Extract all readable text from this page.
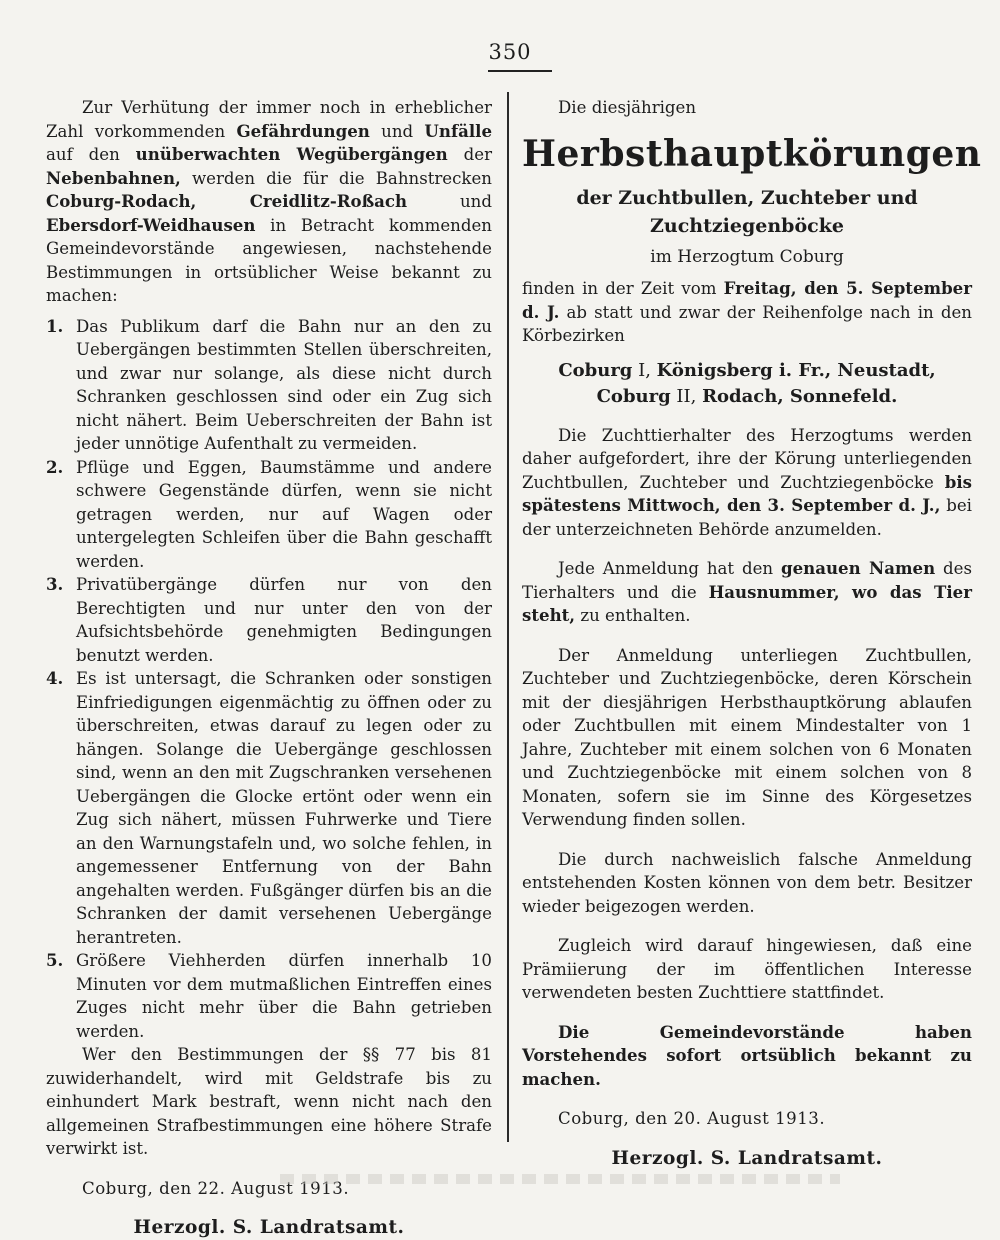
350

Zur Verhütung der immer noch in erheblicher Zahl vorkommenden Gefährdungen und Unfälle auf den unüberwachten Wegübergängen der Nebenbahnen, werden die für die Bahnstrecken Coburg-Rodach, Creidlitz-Roßach und Ebersdorf-Weidhausen in Betracht kommenden Gemeindevorstände angewiesen, nachstehende Bestimmungen in ortsüblicher Weise bekannt zu machen:

1. Das Publikum darf die Bahn nur an den zu Uebergängen bestimmten Stellen überschreiten, und zwar nur solange, als diese nicht durch Schranken geschlossen sind oder ein Zug sich nicht nähert. Beim Ueberschreiten der Bahn ist jeder unnötige Aufenthalt zu vermeiden.
2. Pflüge und Eggen, Baumstämme und andere schwere Gegenstände dürfen, wenn sie nicht getragen werden, nur auf Wagen oder untergelegten Schleifen über die Bahn geschafft werden.
3. Privatübergänge dürfen nur von den Berechtigten und nur unter den von der Aufsichtsbehörde genehmigten Bedingungen benutzt werden.
4. Es ist untersagt, die Schranken oder sonstigen Einfriedigungen eigenmächtig zu öffnen oder zu überschreiten, etwas darauf zu legen oder zu hängen. Solange die Uebergänge geschlossen sind, wenn an den mit Zugschranken versehenen Uebergängen die Glocke ertönt oder wenn ein Zug sich nähert, müssen Fuhrwerke und Tiere an den Warnungstafeln und, wo solche fehlen, in angemessener Entfernung von der Bahn angehalten werden. Fußgänger dürfen bis an die Schranken der damit versehenen Uebergänge herantreten.
5. Größere Viehherden dürfen innerhalb 10 Minuten vor dem mutmaßlichen Eintreffen eines Zuges nicht mehr über die Bahn getrieben werden.

Wer den Bestimmungen der §§ 77 bis 81 zuwiderhandelt, wird mit Geldstrafe bis zu einhundert Mark bestraft, wenn nicht nach den allgemeinen Strafbestimmungen eine höhere Strafe verwirkt ist.

Coburg, den 22. August 1913.

Herzogl. S. Landratsamt.

Die diesjährigen

Herbsthauptkörungen
der Zuchtbullen, Zuchteber und Zuchtziegenböcke
im Herzogtum Coburg

finden in der Zeit vom Freitag, den 5. September d. J. ab statt und zwar der Reihenfolge nach in den Körbezirken

Coburg I, Königsberg i. Fr., Neustadt,
Coburg II, Rodach, Sonnefeld.

Die Zuchttierhalter des Herzogtums werden daher aufgefordert, ihre der Körung unterliegenden Zuchtbullen, Zuchteber und Zuchtziegenböcke bis spätestens Mittwoch, den 3. September d. J., bei der unterzeichneten Behörde anzumelden.

Jede Anmeldung hat den genauen Namen des Tierhalters und die Hausnummer, wo das Tier steht, zu enthalten.

Der Anmeldung unterliegen Zuchtbullen, Zuchteber und Zuchtziegenböcke, deren Körschein mit der diesjährigen Herbsthauptkörung ablaufen oder Zuchtbullen mit einem Mindestalter von 1 Jahre, Zuchteber mit einem solchen von 6 Monaten und Zuchtziegenböcke mit einem solchen von 8 Monaten, sofern sie im Sinne des Körgesetzes Verwendung finden sollen.

Die durch nachweislich falsche Anmeldung entstehenden Kosten können von dem betr. Besitzer wieder beigezogen werden.

Zugleich wird darauf hingewiesen, daß eine Prämiierung der im öffentlichen Interesse verwendeten besten Zuchttiere stattfindet.

Die Gemeindevorstände haben Vorstehendes sofort ortsüblich bekannt zu machen.

Coburg, den 20. August 1913.

Herzogl. S. Landratsamt.
